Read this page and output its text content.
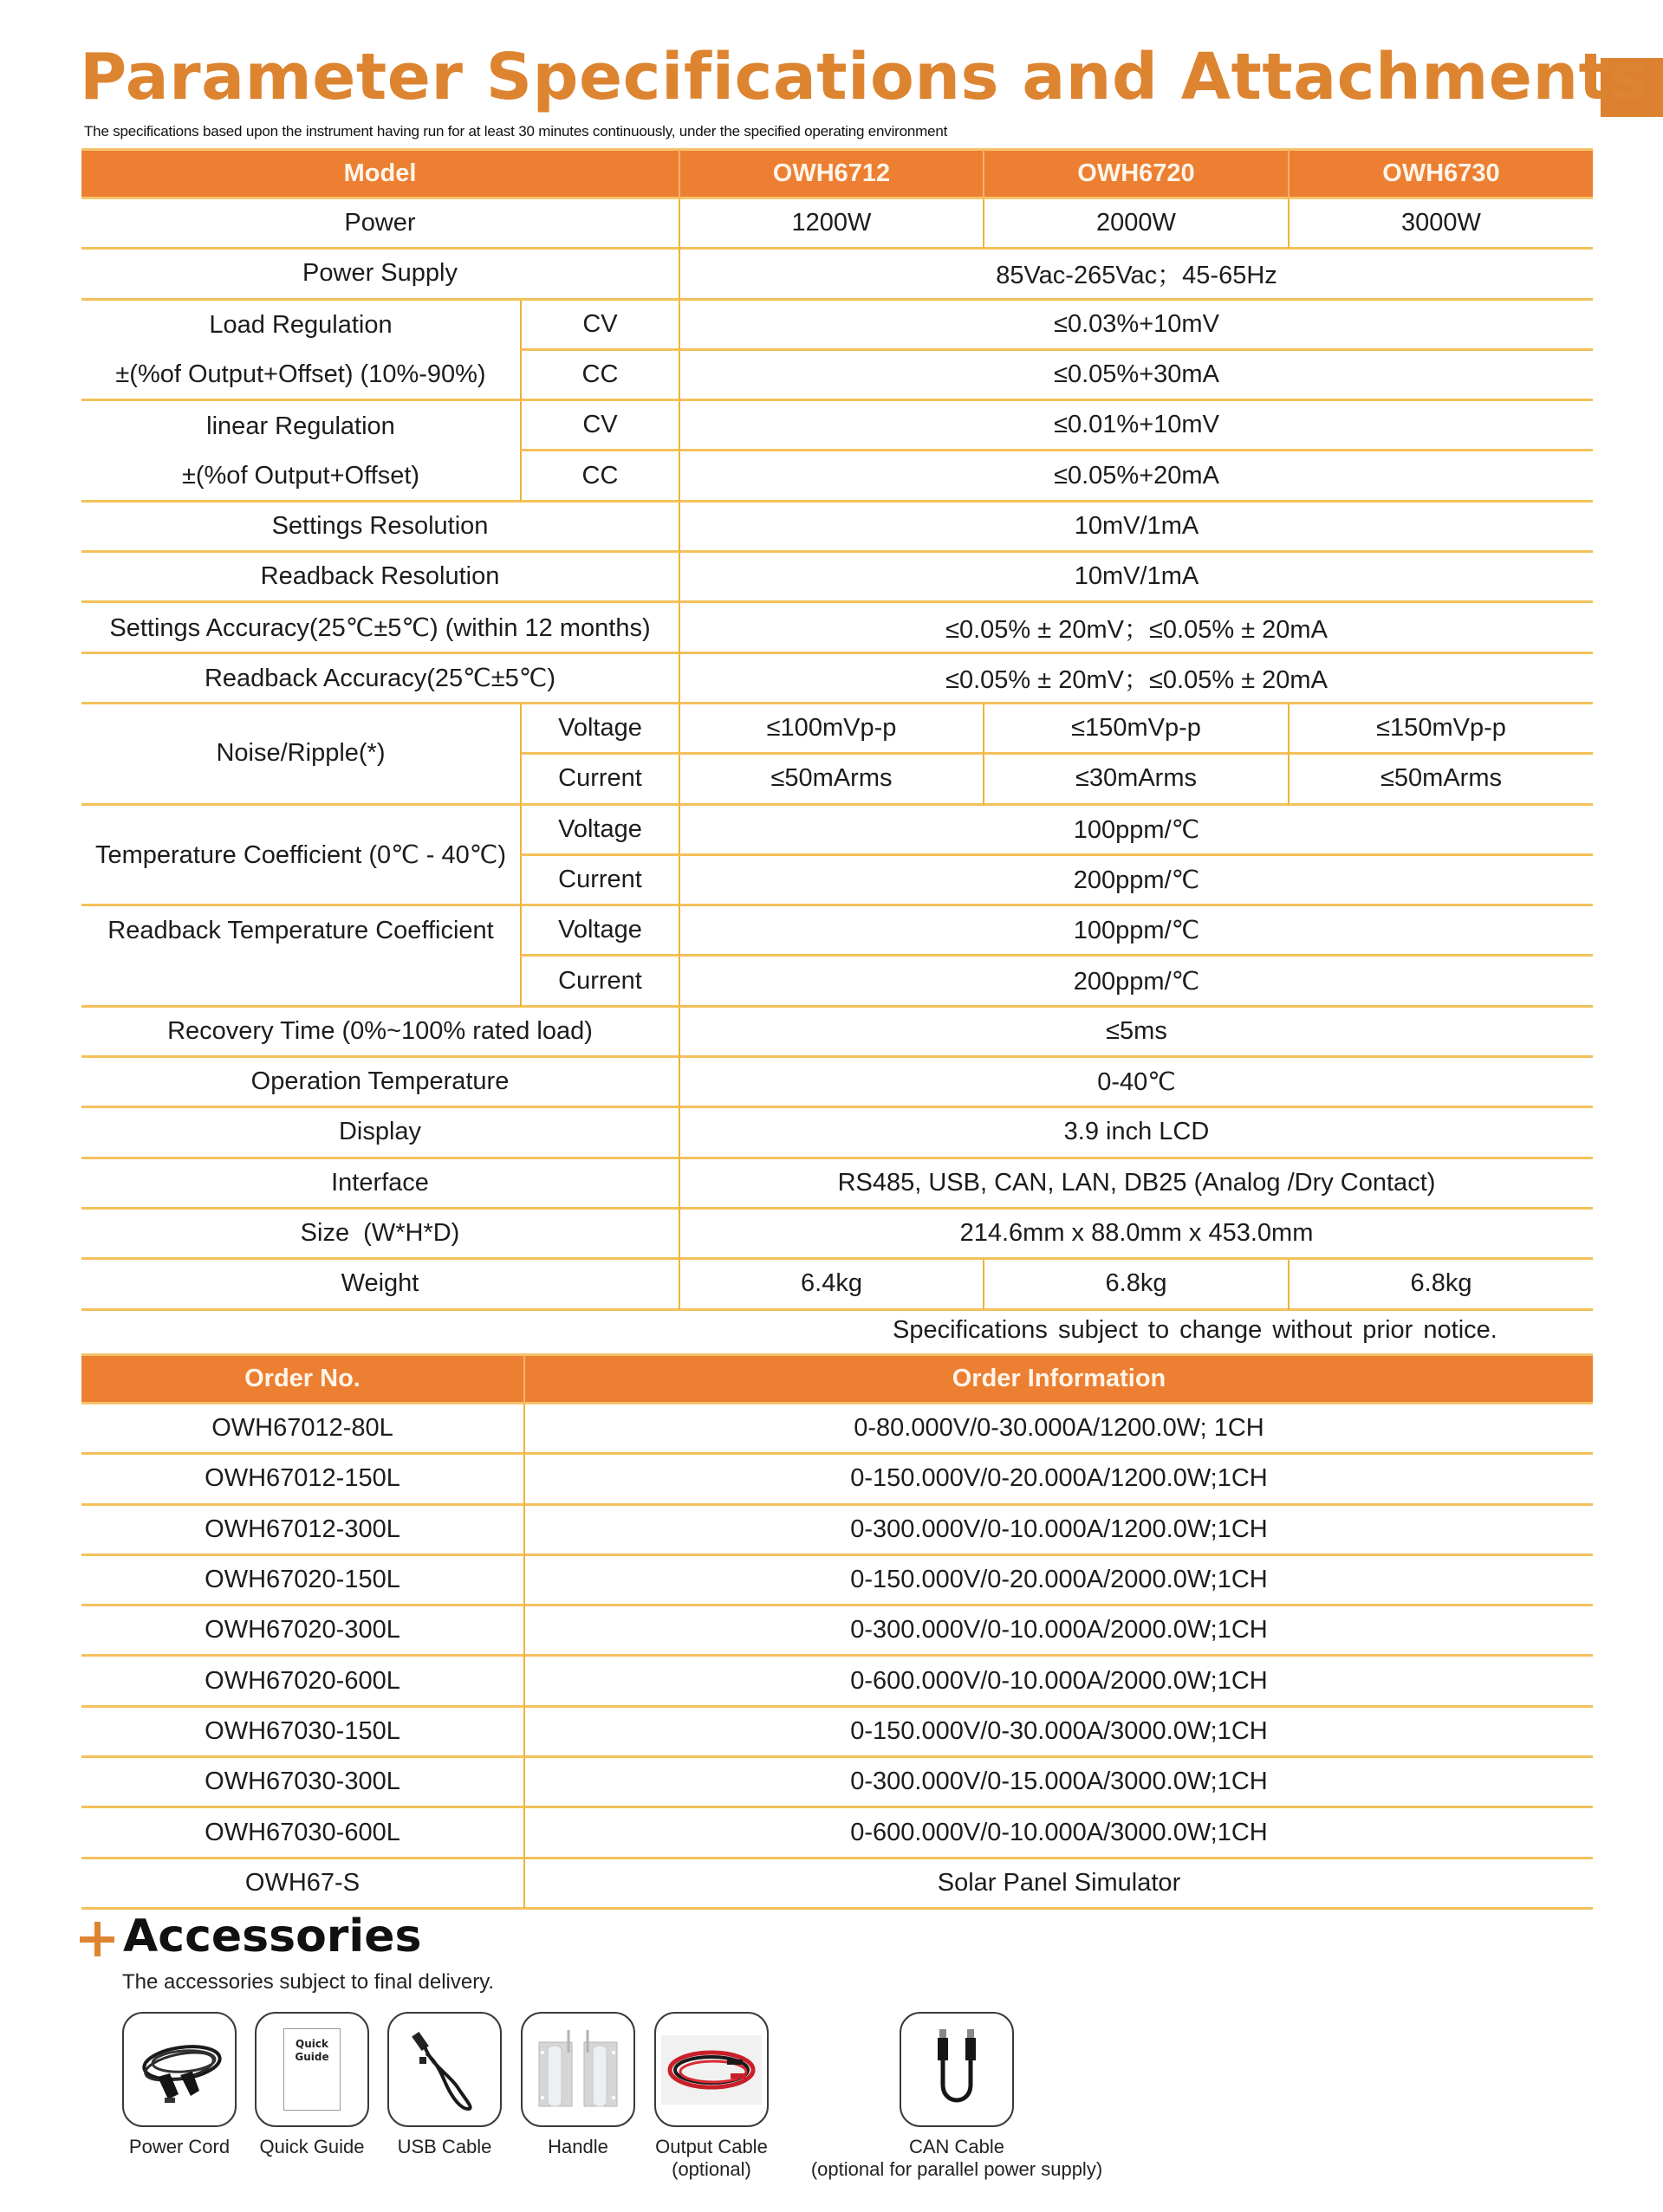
Parameter Specifications and Attachments

The specifications based upon the instrument having run for at least 30 minutes continuously, under the specified operating environment

Model	OWH6712	OWH6720	OWH6730
Power	1200W	2000W	3000W
Power Supply	85Vac-265Vac；45-65Hz
Load Regulation
±(%of Output+Offset) (10%-90%)
CV	≤0.03%+10mV
CC	≤0.05%+30mA
linear Regulation
±(%of Output+Offset)
CV	≤0.01%+10mV
CC	≤0.05%+20mA
Settings Resolution	10mV/1mA
Readback Resolution	10mV/1mA
Settings Accuracy(25℃±5℃) (within 12 months)	≤0.05% ± 20mV；≤0.05% ± 20mA
Readback Accuracy(25℃±5℃)	≤0.05% ± 20mV；≤0.05% ± 20mA
Noise/Ripple(*)
Voltage	≤100mVp-p	≤150mVp-p	≤150mVp-p
Current	≤50mArms	≤30mArms	≤50mArms
Temperature Coefficient (0℃ - 40℃)
Voltage	100ppm/℃
Current	200ppm/℃
Readback Temperature Coefficient	Voltage	100ppm/℃
Current	200ppm/℃
Recovery Time (0%~100% rated load)	≤5ms
Operation Temperature	0-40℃
Display	3.9 inch LCD
Interface	RS485, USB, CAN, LAN, DB25 (Analog /Dry Contact)
Size  (W*H*D)	214.6mm x 88.0mm x 453.0mm
Weight	6.4kg	6.8kg	6.8kg

Specifications subject to change without prior notice.

Order No.	Order Information
OWH67012-80L	0-80.000V/0-30.000A/1200.0W; 1CH
OWH67012-150L	0-150.000V/0-20.000A/1200.0W;1CH
OWH67012-300L	0-300.000V/0-10.000A/1200.0W;1CH
OWH67020-150L	0-150.000V/0-20.000A/2000.0W;1CH
OWH67020-300L	0-300.000V/0-10.000A/2000.0W;1CH
OWH67020-600L	0-600.000V/0-10.000A/2000.0W;1CH
OWH67030-150L	0-150.000V/0-30.000A/3000.0W;1CH
OWH67030-300L	0-300.000V/0-15.000A/3000.0W;1CH
OWH67030-600L	0-600.000V/0-10.000A/3000.0W;1CH
OWH67-S	Solar Panel Simulator
Accessories

The accessories subject to final delivery.

Power Cord
Quick
Guide
Quick Guide USB Cable	Handle Output Cable
(optional)
CAN Cable
(optional for parallel power supply)
